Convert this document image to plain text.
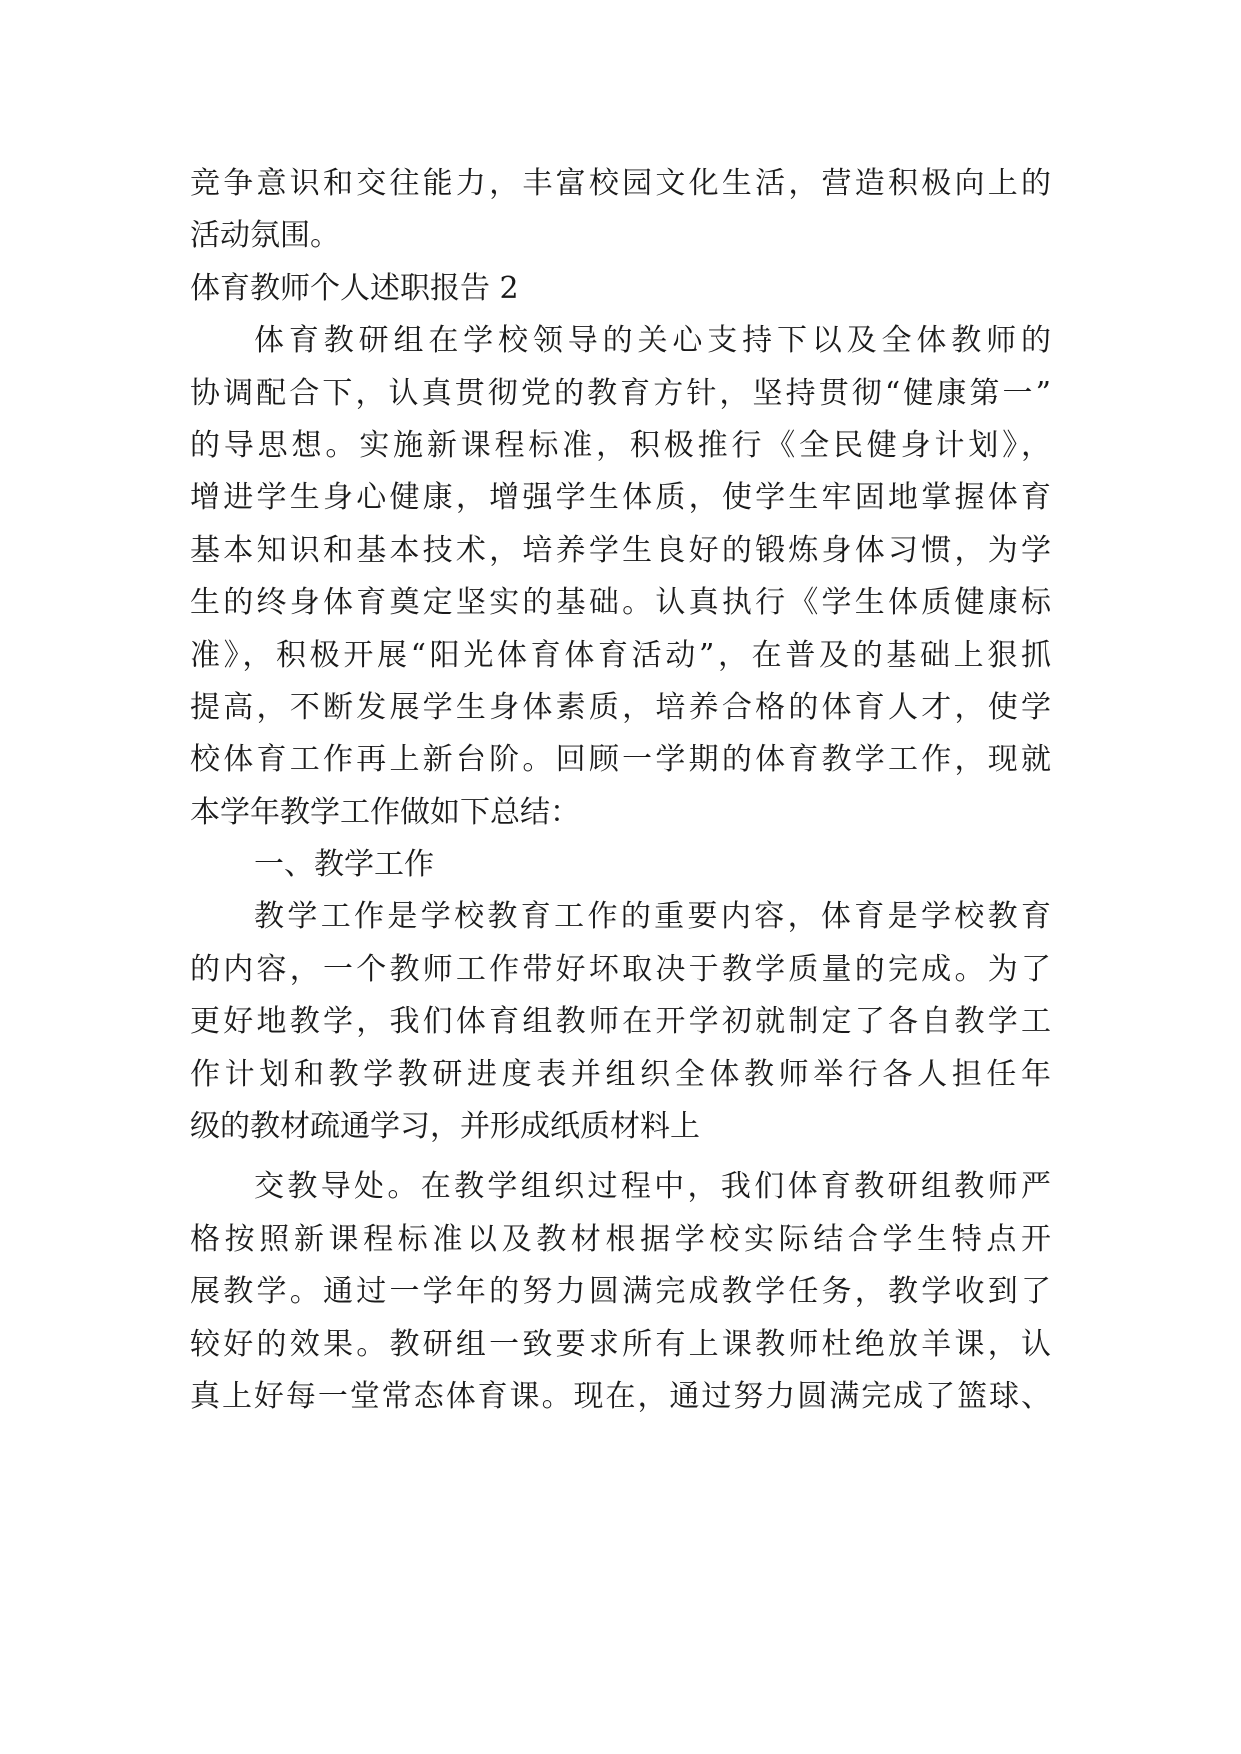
竞争意识和交往能力，丰富校园文化生活，营造积极向上的
活动氛围。
体育教师个人述职报告 2
体育教研组在学校领导的关心支持下以及全体教师的
协调配合下，认真贯彻党的教育方针，坚持贯彻“健康第一”
的导思想。实施新课程标准，积极推行《全民健身计划》，
增进学生身心健康，增强学生体质，使学生牢固地掌握体育
基本知识和基本技术，培养学生良好的锻炼身体习惯，为学
生的终身体育奠定坚实的基础。认真执行《学生体质健康标
准》，积极开展“阳光体育体育活动”，在普及的基础上狠抓
提高，不断发展学生身体素质，培养合格的体育人才，使学
校体育工作再上新台阶。回顾一学期的体育教学工作，现就
本学年教学工作做如下总结：
一、教学工作
教学工作是学校教育工作的重要内容，体育是学校教育
的内容，一个教师工作带好坏取决于教学质量的完成。为了
更好地教学，我们体育组教师在开学初就制定了各自教学工
作计划和教学教研进度表并组织全体教师举行各人担任年
级的教材疏通学习，并形成纸质材料上
交教导处。在教学组织过程中，我们体育教研组教师严
格按照新课程标准以及教材根据学校实际结合学生特点开
展教学。通过一学年的努力圆满完成教学任务，教学收到了
较好的效果。教研组一致要求所有上课教师杜绝放羊课，认
真上好每一堂常态体育课。现在，通过努力圆满完成了篮球、
